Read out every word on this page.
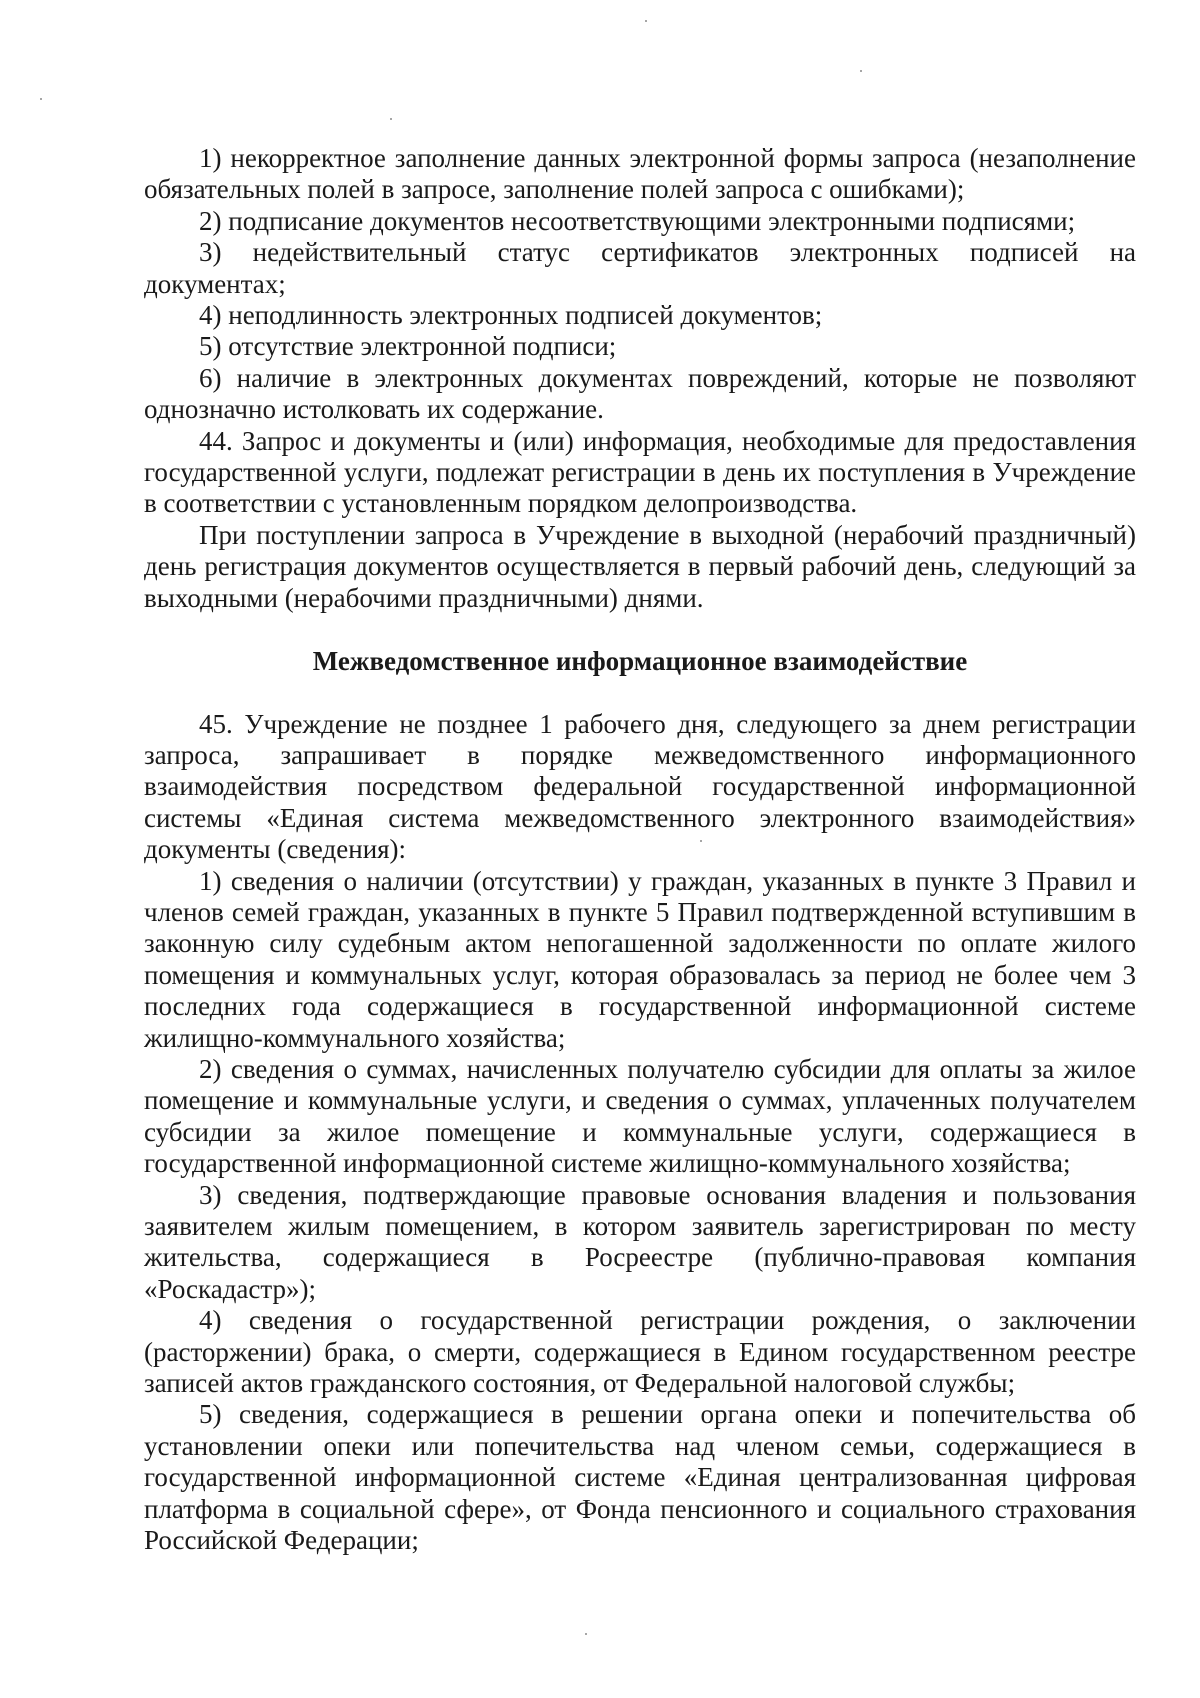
1) некорректное заполнение данных электронной формы запроса (незаполнение обязательных полей в запросе, заполнение полей запроса с ошибками);

2) подписание документов несоответствующими электронными подписями;

3) недействительный статус сертификатов электронных подписей на документах;

4) неподлинность электронных подписей документов;

5) отсутствие электронной подписи;

6) наличие в электронных документах повреждений, которые не позволяют однозначно истолковать их содержание.

44. Запрос и документы и (или) информация, необходимые для предоставления государственной услуги, подлежат регистрации в день их поступления в Учреждение в соответствии с установленным порядком делопроизводства.

При поступлении запроса в Учреждение в выходной (нерабочий праздничный) день регистрация документов осуществляется в первый рабочий день, следующий за выходными (нерабочими праздничными) днями.

Межведомственное информационное взаимодействие

45. Учреждение не позднее 1 рабочего дня, следующего за днем регистрации запроса, запрашивает в порядке межведомственного информационного взаимодействия посредством федеральной государственной информационной системы «Единая система межведомственного электронного взаимодействия» документы (сведения):

1) сведения о наличии (отсутствии) у граждан, указанных в пункте 3 Правил и членов семей граждан, указанных в пункте 5 Правил подтвержденной вступившим в законную силу судебным актом непогашенной задолженности по оплате жилого помещения и коммунальных услуг, которая образовалась за период не более чем 3 последних года содержащиеся в государственной информационной системе жилищно-коммунального хозяйства;

2) сведения о суммах, начисленных получателю субсидии для оплаты за жилое помещение и коммунальные услуги, и сведения о суммах, уплаченных получателем субсидии за жилое помещение и коммунальные услуги, содержащиеся в государственной информационной системе жилищно-коммунального хозяйства;

3) сведения, подтверждающие правовые основания владения и пользования заявителем жилым помещением, в котором заявитель зарегистрирован по месту жительства, содержащиеся в Росреестре (публично-правовая компания «Роскадастр»);

4) сведения о государственной регистрации рождения, о заключении (расторжении) брака, о смерти, содержащиеся в Едином государственном реестре записей актов гражданского состояния, от Федеральной налоговой службы;

5) сведения, содержащиеся в решении органа опеки и попечительства об установлении опеки или попечительства над членом семьи, содержащиеся в государственной информационной системе «Единая централизованная цифровая платформа в социальной сфере», от Фонда пенсионного и социального страхования Российской Федерации;
